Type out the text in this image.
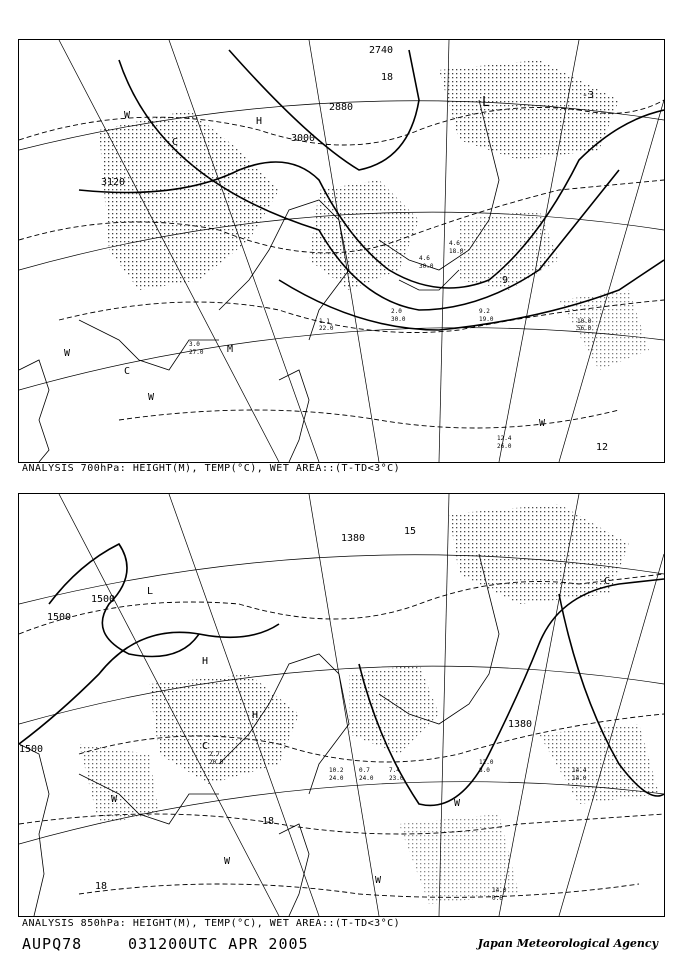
2740
2880
3000
3120
18
-3
9
12
L
C
C
W
W
W
W
H
M
12.4
26.0
10.0
56.0
9.2
19.0
2.0
30.0
1.1
22.0
4.6
30.0
4.6
18.0
3.0
27.0
ANALYSIS 700hPa: HEIGHT(M), TEMP(°C), WET AREA::(T-TD<3°C)
1380
1500
1500
1380
1500
18
18
15
H
H
L
W
W
W
W
C
C
14.0
0.6
14.4
14.0
10.2
24.0
7.4
23.0
0.7
24.0
12.0
8.0
2.7
20.0
ANALYSIS 850hPa: HEIGHT(M), TEMP(°C), WET AREA::(T-TD<3°C)
AUPQ78	031200UTC APR 2005	Japan Meteorological Agency
